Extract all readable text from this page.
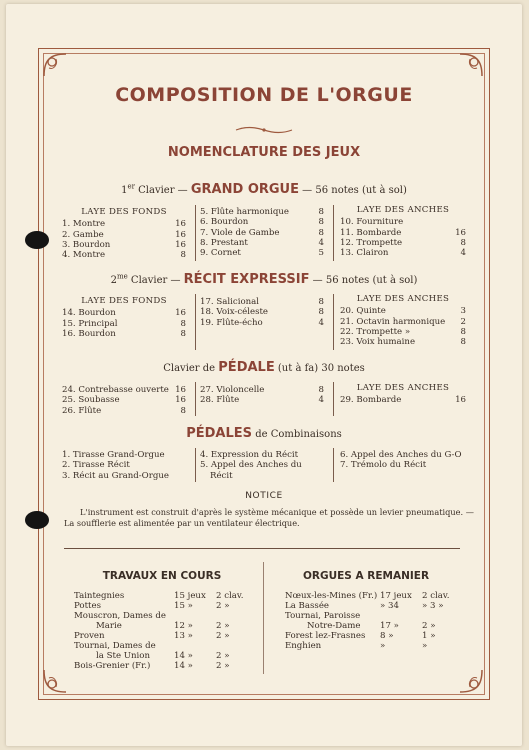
COMPOSITION DE L'ORGUE
NOMENCLATURE DES JEUX
1er Clavier — GRAND ORGUE — 56 notes (ut à sol)
LAYE DES FONDS
1. Montre	16
2. Gambe	16
3. Bourdon	16
4. Montre	8
5. Flûte harmonique	8
6. Bourdon	8
7. Viole de Gambe	8
8. Prestant	4
9. Cornet	5
LAYE DES ANCHES
10. Fourniture
11. Bombarde	16
12. Trompette	8
13. Clairon	4
$2^{me}$ Clavier — RÉCIT EXPRESSIF — 56 notes (ut à sol)
LAYE DES FONDS
14. Bourdon	16
15. Principal	8
16. Bourdon	8
17. Salicional	8
18. Voix-céleste	8
19. Flûte-écho	4
LAYE DES ANCHES
20. Quinte	3
21. Octavin harmonique 2
22. Trompette »	8
23. Voix humaine	8
Clavier de PÉDALE (ut à fa) 30 notes
24. Contrebasse ouverte 16
25. Soubasse	16
26. Flûte	8
27. Violoncelle	8
28. Flûte	4
LAYE DES ANCHES
29. Bombarde	16
PÉDALES de Combinaisons
1. Tirasse Grand-Orgue
2. Tirasse Récit
3. Récit au Grand-Orgue
4. Expression du Récit
5. Appel des Anches du
Récit
6. Appel des Anches du G-O
7. Trémolo du Récit
NOTICE
L'instrument est construit d'après le système mécanique et possède un levier pneumatique. — La soufflerie est alimentée par un ventilateur électrique.
TRAVAUX EN COURS
Taintegnies	15 jeux	2 clav.
Pottes	15 »	2 »
Mouscron, Dames de
Marie	12 »	2 »
Proven	13 »	2 »
Tournai, Dames de
la Ste Union	14 »	2 »
Bois-Grenier (Fr.)	14 »	2 »
ORGUES A REMANIER
Nœux-les-Mines (Fr.) 17 jeux	2 clav.
La Bassée	» 34	» 3 »
Tournai, Paroisse
Notre-Dame	17 »	2 »
Forest lez-Frasnes	8 »	1 »
Enghien	»	»
